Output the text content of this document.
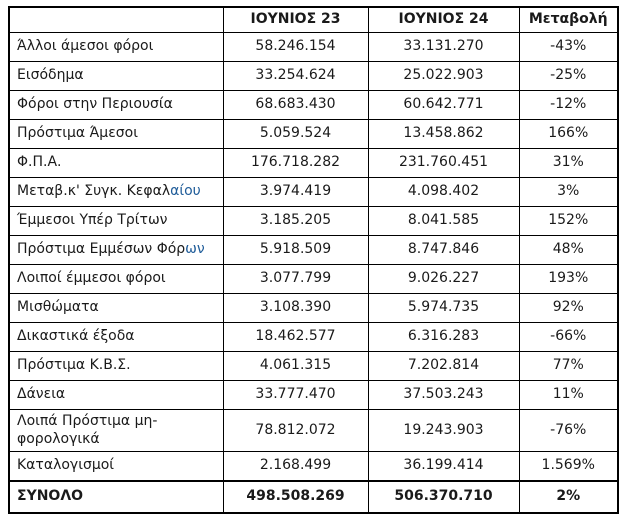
	ΙΟΥΝΙΟΣ 23	ΙΟΥΝΙΟΣ 24	Μεταβολή
Άλλοι άμεσοι φόροι	58.246.154	33.131.270	-43%
Εισόδημα	33.254.624	25.022.903	-25%
Φόροι στην Περιουσία	68.683.430	60.642.771	-12%
Πρόστιμα Άμεσοι	5.059.524	13.458.862	166%
Φ.Π.Α.	176.718.282	231.760.451	31%
Μεταβ.κ' Συγκ. Κεφαλαίου	3.974.419	4.098.402	3%
Έμμεσοι Υπέρ Τρίτων	3.185.205	8.041.585	152%
Πρόστιμα Εμμέσων Φόρων	5.918.509	8.747.846	48%
Λοιποί έμμεσοι φόροι	3.077.799	9.026.227	193%
Μισθώματα	3.108.390	5.974.735	92%
Δικαστικά έξοδα	18.462.577	6.316.283	-66%
Πρόστιμα Κ.Β.Σ.	4.061.315	7.202.814	77%
Δάνεια	33.777.470	37.503.243	11%
Λοιπά Πρόστιμα μη-φορολογικά	78.812.072	19.243.903	-76%
Καταλογισμοί	2.168.499	36.199.414	1.569%
ΣΥΝΟΛΟ	498.508.269	506.370.710	2%
